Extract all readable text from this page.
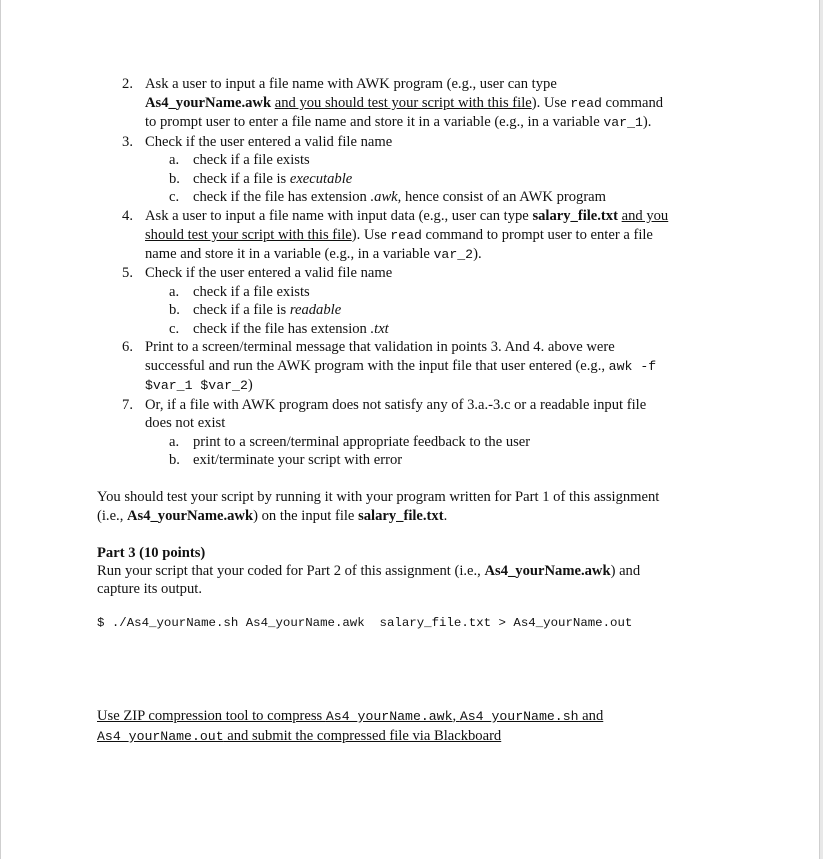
2. Ask a user to input a file name with AWK program (e.g., user can type
As4_yourName.awk and you should test your script with this file). Use read command
to prompt user to enter a file name and store it in a variable (e.g., in a variable var_1).
3. Check if the user entered a valid file name
a. check if a file exists
b. check if a file is executable
c. check if the file has extension .awk, hence consist of an AWK program
4. Ask a user to input a file name with input data (e.g., user can type salary_file.txt and you
should test your script with this file). Use read command to prompt user to enter a file
name and store it in a variable (e.g., in a variable var_2).
5. Check if the user entered a valid file name
a. check if a file exists
b. check if a file is readable
c. check if the file has extension .txt
6. Print to a screen/terminal message that validation in points 3. And 4. above were
successful and run the AWK program with the input file that user entered (e.g., awk -f
$var_1 $var_2)
7. Or, if a file with AWK program does not satisfy any of 3.a.-3.c or a readable input file
does not exist
a. print to a screen/terminal appropriate feedback to the user
b. exit/terminate your script with error
You should test your script by running it with your program written for Part 1 of this assignment
(i.e., As4_yourName.awk) on the input file salary_file.txt.
Part 3 (10 points)
Run your script that your coded for Part 2 of this assignment (i.e., As4_yourName.awk) and
capture its output.
$ ./As4_yourName.sh As4_yourName.awk  salary_file.txt > As4_yourName.out
Use ZIP compression tool to compress As4_yourName.awk, As4_yourName.sh and
As4_yourName.out and submit the compressed file via Blackboard
